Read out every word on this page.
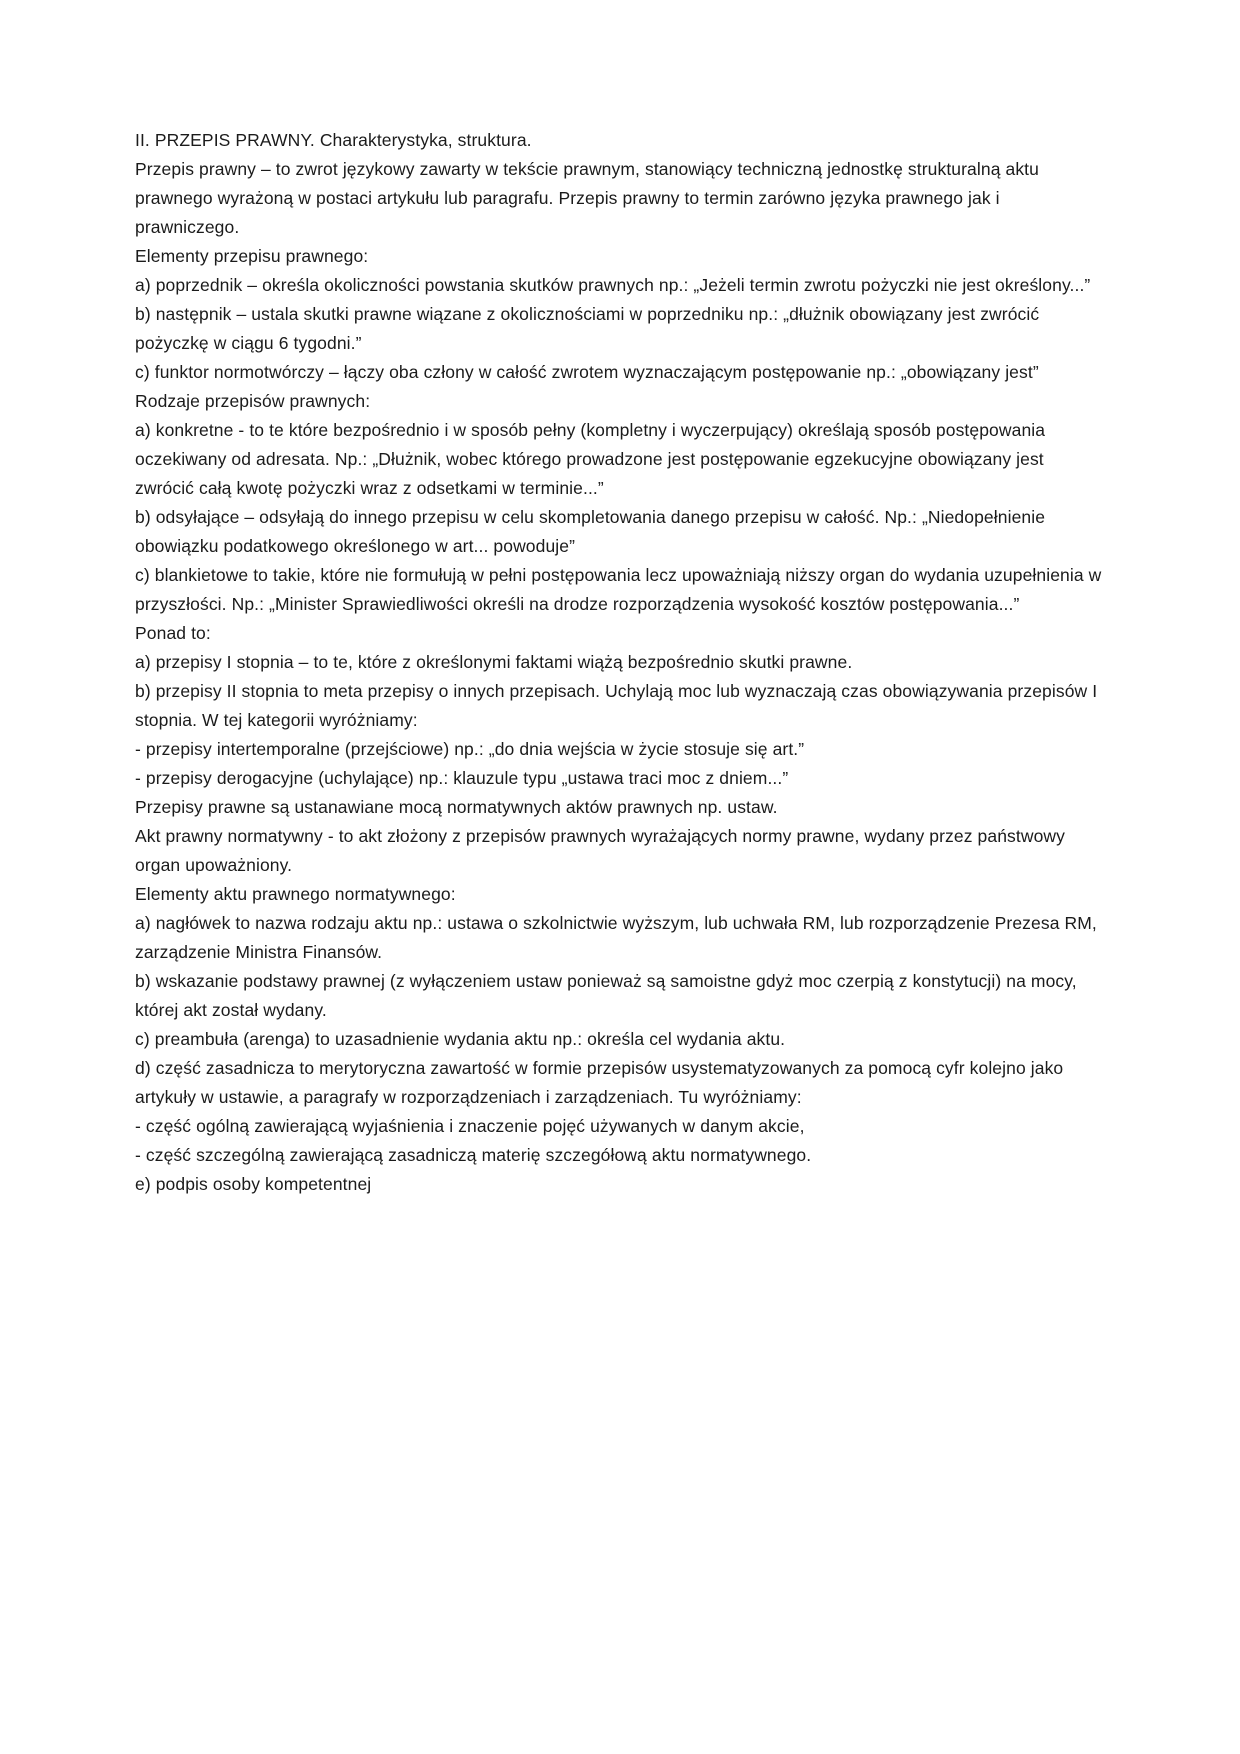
II. PRZEPIS PRAWNY. Charakterystyka, struktura.

Przepis prawny – to zwrot językowy zawarty w tekście prawnym, stanowiący techniczną jednostkę strukturalną aktu prawnego wyrażoną w postaci artykułu lub paragrafu. Przepis prawny to termin zarówno języka prawnego jak i prawniczego.

Elementy przepisu prawnego:

a) poprzednik – określa okoliczności powstania skutków prawnych np.: „Jeżeli termin zwrotu pożyczki nie jest określony...”

b) następnik – ustala skutki prawne wiązane z okolicznościami w poprzedniku np.: „dłużnik obowiązany jest zwrócić pożyczkę w ciągu 6 tygodni.”

c) funktor normotwórczy – łączy oba człony w całość zwrotem wyznaczającym postępowanie np.: „obowiązany jest”

Rodzaje przepisów prawnych:

a) konkretne - to te które bezpośrednio i w sposób pełny (kompletny i wyczerpujący) określają sposób postępowania oczekiwany od adresata. Np.: „Dłużnik, wobec którego prowadzone jest postępowanie egzekucyjne obowiązany jest zwrócić całą kwotę pożyczki wraz z odsetkami w terminie...”

b) odsyłające – odsyłają do innego przepisu w celu skompletowania danego przepisu w całość. Np.: „Niedopełnienie obowiązku podatkowego określonego w art... powoduje”

c) blankietowe to takie, które nie formułują w pełni postępowania lecz upoważniają niższy organ do wydania uzupełnienia w przyszłości. Np.: „Minister Sprawiedliwości określi na drodze rozporządzenia wysokość kosztów postępowania...”

Ponad to:

a) przepisy I stopnia – to te, które z określonymi faktami wiążą bezpośrednio skutki prawne.

b) przepisy II stopnia to meta przepisy o innych przepisach. Uchylają moc lub wyznaczają czas obowiązywania przepisów I stopnia. W tej kategorii wyróżniamy:

- przepisy intertemporalne (przejściowe) np.: „do dnia wejścia w życie stosuje się art.”

- przepisy derogacyjne (uchylające) np.: klauzule typu „ustawa traci moc z dniem...”

Przepisy prawne są ustanawiane mocą normatywnych aktów prawnych np. ustaw.

Akt prawny normatywny - to akt złożony z przepisów prawnych wyrażających normy prawne, wydany przez państwowy organ upoważniony.

Elementy aktu prawnego normatywnego:

a) nagłówek to nazwa rodzaju aktu np.: ustawa o szkolnictwie wyższym, lub uchwała RM, lub rozporządzenie Prezesa RM, zarządzenie Ministra Finansów.

b) wskazanie podstawy prawnej (z wyłączeniem ustaw ponieważ są samoistne gdyż moc czerpią z konstytucji) na mocy, której akt został wydany.

c) preambuła (arenga) to uzasadnienie wydania aktu np.: określa cel wydania aktu.

d) część zasadnicza to merytoryczna zawartość w formie przepisów usystematyzowanych za pomocą cyfr kolejno jako artykuły w ustawie, a paragrafy w rozporządzeniach i zarządzeniach. Tu wyróżniamy:

- część ogólną zawierającą wyjaśnienia i znaczenie pojęć używanych w danym akcie,

- część szczególną zawierającą zasadniczą materię szczegółową aktu normatywnego.

e) podpis osoby kompetentnej
